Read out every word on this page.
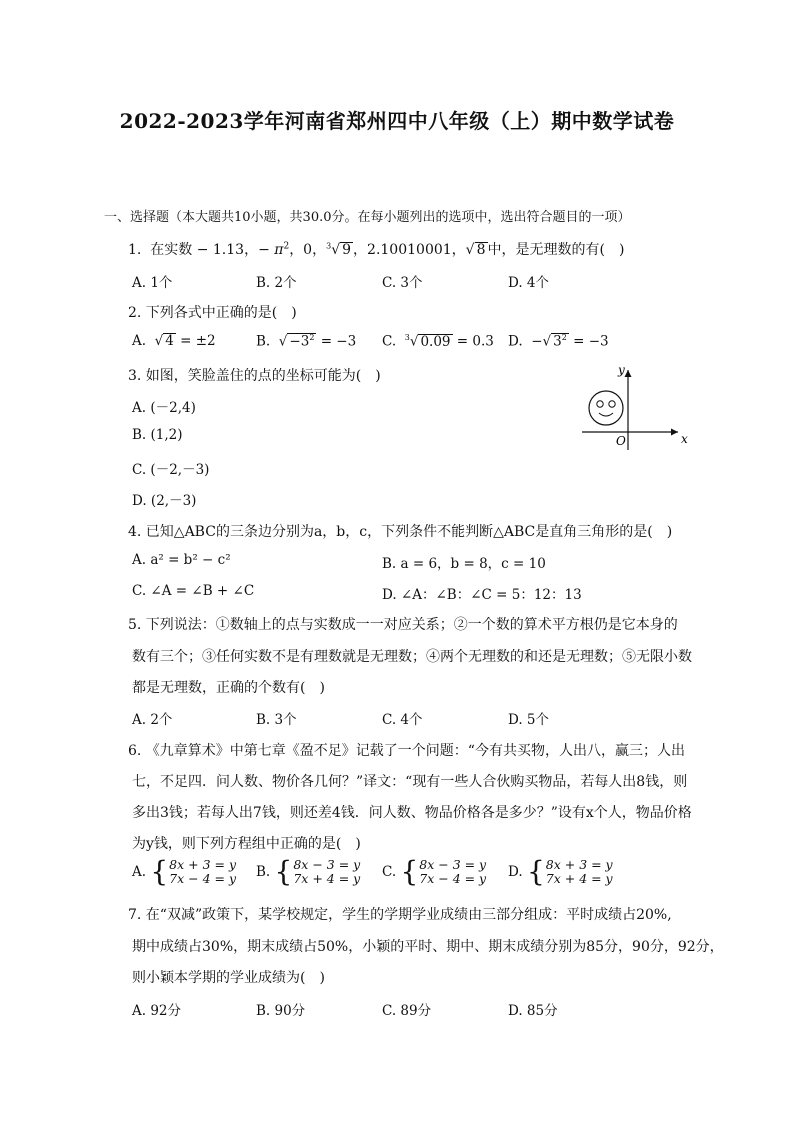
2022-2023学年河南省郑州四中八年级（上）期中数学试卷
一、选择题（本大题共10小题，共30.0分。在每小题列出的选项中，选出符合题目的一项）
1. 在实数 − 1.13，− $\pi^2$，0，$^3$√ 9 ，2.10010001，√ 8 中，是无理数的有(　)
A. 1个	B. 2个	C. 3个	D. 4个
2. 下列各式中正确的是(　)
A.  √ 4 = ±2	B.  √ $-3^2 = -3$ C.  $^3$√ 0.09 = 0.3 D.  −√ $3^2 = -3$
3. 如图，笑脸盖住的点的坐标可能为(　)
A. (－2,4)
B. (1,2)
C. (－2,－3)
D. (2,－3)
x
y
O
4. 已知△ABC的三条边分别为a，b，c，下列条件不能判断△ABC是直角三角形的是(　)
A. a² = b² − c²	B. a = 6，b = 8，c = 10
C. ∠A = ∠B + ∠C	D. ∠A：∠B：∠C = 5：12：13
5. 下列说法：①数轴上的点与实数成一一对应关系；②一个数的算术平方根仍是它本身的
数有三个；③任何实数不是有理数就是无理数；④两个无理数的和还是无理数；⑤无限小数
都是无理数，正确的个数有(　)
A. 2个	B. 3个	C. 4个	D. 5个
6. 《九章算术》中第七章《盈不足》记载了一个问题：“今有共买物，人出八，赢三；人出
七，不足四．问人数、物价各几何？”译文：“现有一些人合伙购买物品，若每人出8钱，则
多出3钱；若每人出7钱，则还差4钱．问人数、物品价格各是多少？”设有x个人，物品价格
为y钱，则下列方程组中正确的是(　)
A. {8x + 3 = y
7x − 4 = y B. {8x − 3 = y
7x + 4 = y C. {8x − 3 = y
7x − 4 = y D. {8x + 3 = y
7x + 4 = y
7. 在“双减”政策下，某学校规定，学生的学期学业成绩由三部分组成：平时成绩占20%,
期中成绩占30%，期末成绩占50%，小颖的平时、期中、期末成绩分别为85分，90分，92分，
则小颖本学期的学业成绩为(　)
A. 92分	B. 90分	C. 89分	D. 85分
